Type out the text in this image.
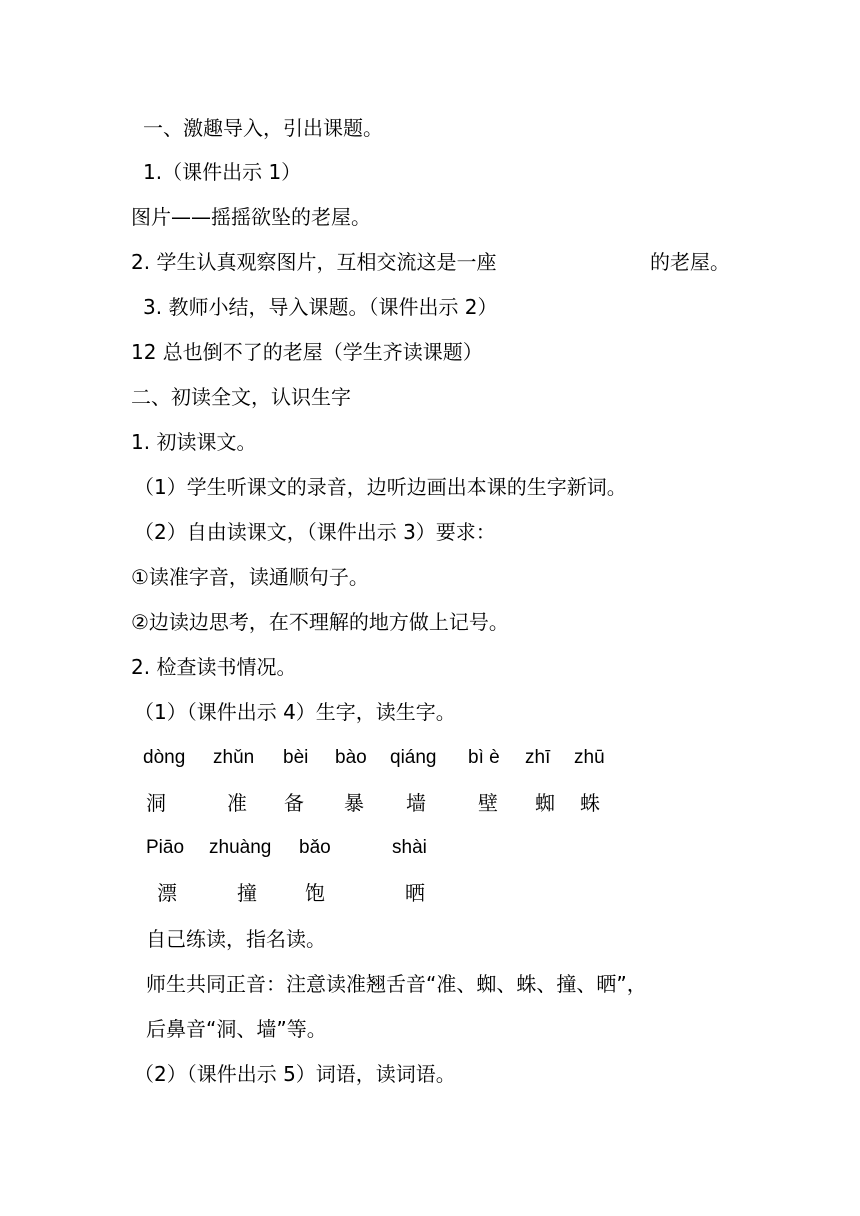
一、激趣导入，引出课题。
1.（课件出示 1）
图片——摇摇欲坠的老屋。
2. 学生认真观察图片，互相交流这是一座	的老屋。
3. 教师小结，导入课题。（课件出示 2）
12 总也倒不了的老屋（学生齐读课题）
二、初读全文，认识生字
1. 初读课文。
（1）学生听课文的录音，边听边画出本课的生字新词。
（2）自由读课文，（课件出示 3）要求：
①读准字音，读通顺句子。
②边读边思考，在不理解的地方做上记号。
2. 检查读书情况。
（1）（课件出示 4）生字，读生字。
dòng zhǔn bèi bào qiáng bì è zhī zhū
洞	准 备 暴 墙	壁 蜘 蛛
Piāo zhuàng bǎo	shài
漂	撞 饱	晒
自己练读，指名读。
师生共同正音：注意读准翘舌音“准、蜘、蛛、撞、晒”，
后鼻音“洞、墙”等。
（2）（课件出示 5）词语，读词语。
